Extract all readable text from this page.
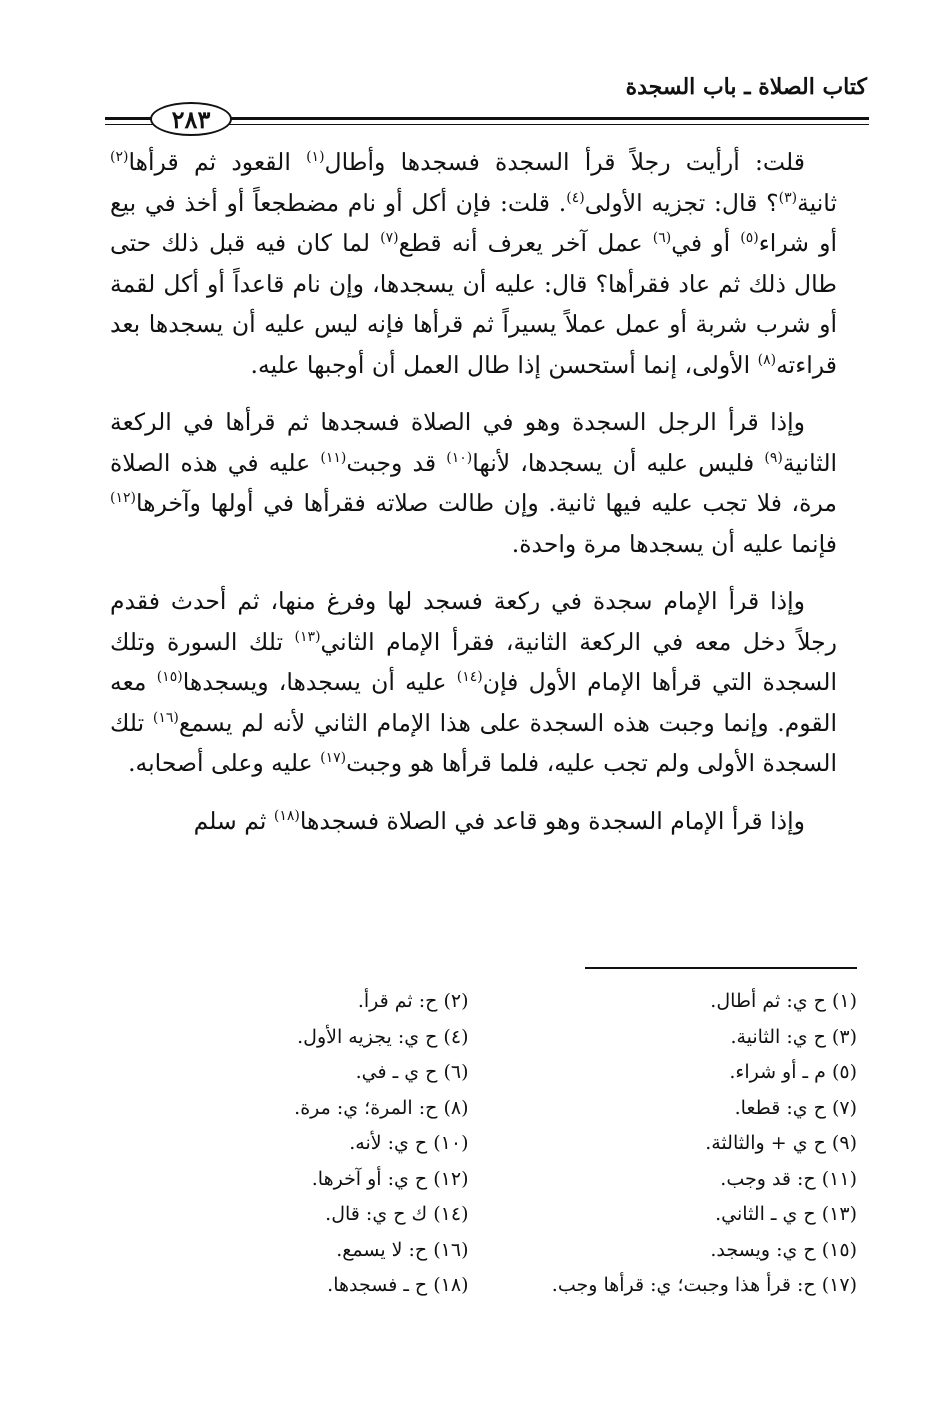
كتاب الصلاة ـ باب السجدة
٢٨٣

قلت: أرأيت رجلاً قرأ السجدة فسجدها وأطال$^{(١)}$ القعود ثم قرأها$^{(٢)}$ ثانية$^{(٣)}$؟ قال: تجزيه الأولى$^{(٤)}$. قلت: فإن أكل أو نام مضطجعاً أو أخذ في بيع أو شراء$^{(٥)}$ أو في$^{(٦)}$ عمل آخر يعرف أنه قطع$^{(٧)}$ لما كان فيه قبل ذلك حتى طال ذلك ثم عاد فقرأها؟ قال: عليه أن يسجدها، وإن نام قاعداً أو أكل لقمة أو شرب شربة أو عمل عملاً يسيراً ثم قرأها فإنه ليس عليه أن يسجدها بعد قراءته$^{(٨)}$ الأولى، إنما أستحسن إذا طال العمل أن أوجبها عليه.

وإذا قرأ الرجل السجدة وهو في الصلاة فسجدها ثم قرأها في الركعة الثانية$^{(٩)}$ فليس عليه أن يسجدها، لأنها$^{(١٠)}$ قد وجبت$^{(١١)}$ عليه في هذه الصلاة مرة، فلا تجب عليه فيها ثانية. وإن طالت صلاته فقرأها في أولها وآخرها$^{(١٢)}$ فإنما عليه أن يسجدها مرة واحدة.

وإذا قرأ الإمام سجدة في ركعة فسجد لها وفرغ منها، ثم أحدث فقدم رجلاً دخل معه في الركعة الثانية، فقرأ الإمام الثاني$^{(١٣)}$ تلك السورة وتلك السجدة التي قرأها الإمام الأول فإن$^{(١٤)}$ عليه أن يسجدها، ويسجدها$^{(١٥)}$ معه القوم. وإنما وجبت هذه السجدة على هذا الإمام الثاني لأنه لم يسمع$^{(١٦)}$ تلك السجدة الأولى ولم تجب عليه، فلما قرأها هو وجبت$^{(١٧)}$ عليه وعلى أصحابه.

وإذا قرأ الإمام السجدة وهو قاعد في الصلاة فسجدها$^{(١٨)}$ ثم سلم

(١) ح ي: ثم أطال.
(٢) ح: ثم قرأ.
(٣) ح ي: الثانية.
(٤) ح ي: يجزيه الأول.
(٥) م ـ أو شراء.
(٦) ح ي ـ في.
(٧) ح ي: قطعا.
(٨) ح: المرة؛ ي: مرة.
(٩) ح ي + والثالثة.
(١٠) ح ي: لأنه.
(١١) ح: قد وجب.
(١٢) ح ي: أو آخرها.
(١٣) ح ي ـ الثاني.
(١٤) ك ح ي: قال.
(١٥) ح ي: ويسجد.
(١٦) ح: لا يسمع.
(١٧) ح: قرأ هذا وجبت؛ ي: قرأها وجب.
(١٨) ح ـ فسجدها.
